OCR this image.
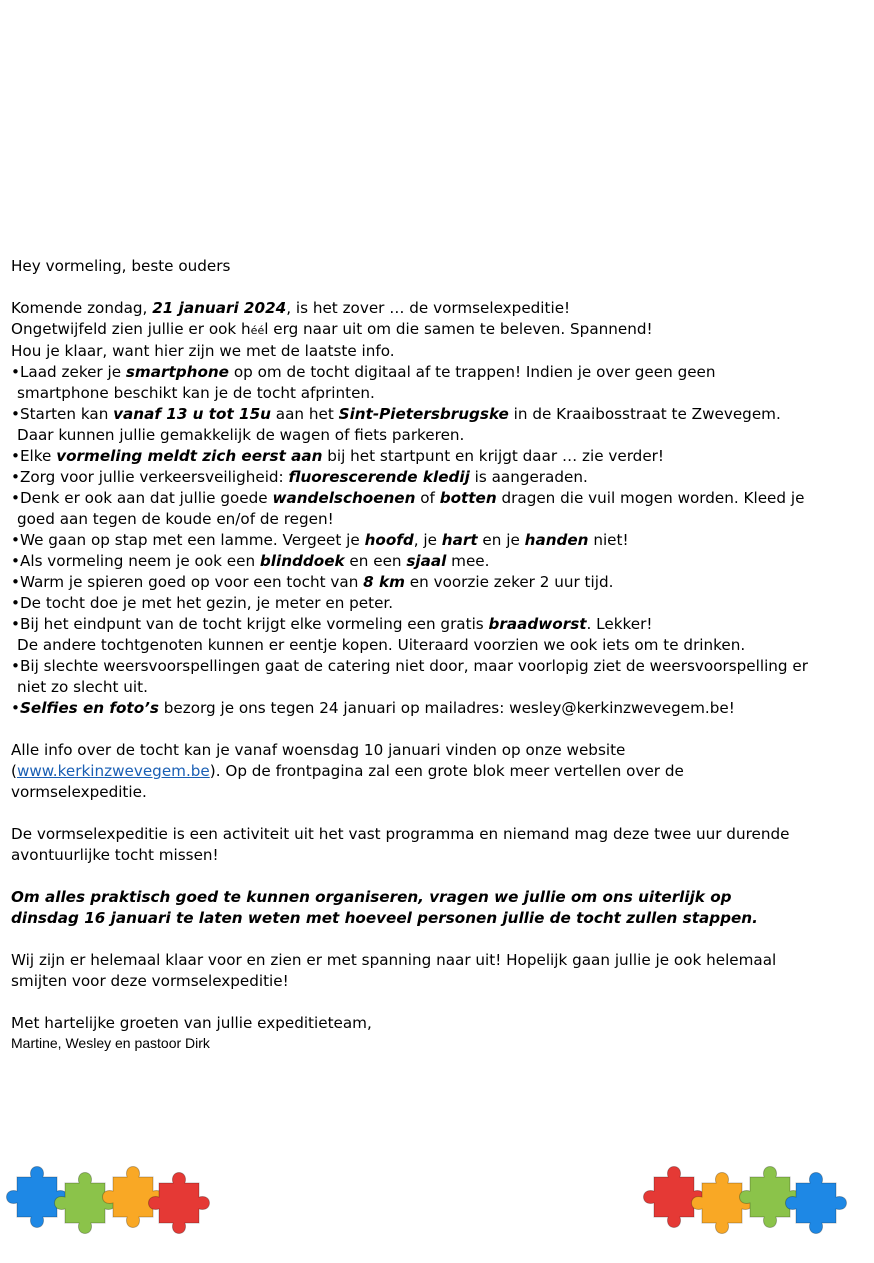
Hey vormeling, beste ouders
Komende zondag, 21 januari 2024, is het zover … de vormselexpeditie!
Ongetwijfeld zien jullie er ook héél erg naar uit om die samen te beleven. Spannend!
Hou je klaar, want hier zijn we met de laatste info.
•Laad zeker je smartphone op om de tocht digitaal af te trappen! Indien je over geen geen
smartphone beschikt kan je de tocht afprinten.
•Starten kan vanaf 13 u tot 15u aan het Sint-Pietersbrugske in de Kraaibosstraat te Zwevegem.
Daar kunnen jullie gemakkelijk de wagen of fiets parkeren.
•Elke vormeling meldt zich eerst aan bij het startpunt en krijgt daar … zie verder!
•Zorg voor jullie verkeersveiligheid: fluorescerende kledij is aangeraden.
•Denk er ook aan dat jullie goede wandelschoenen of botten dragen die vuil mogen worden. Kleed je
goed aan tegen de koude en/of de regen!
•We gaan op stap met een lamme. Vergeet je hoofd, je hart en je handen niet!
•Als vormeling neem je ook een blinddoek en een sjaal mee.
•Warm je spieren goed op voor een tocht van 8 km en voorzie zeker 2 uur tijd.
•De tocht doe je met het gezin, je meter en peter.
•Bij het eindpunt van de tocht krijgt elke vormeling een gratis braadworst. Lekker!
De andere tochtgenoten kunnen er eentje kopen. Uiteraard voorzien we ook iets om te drinken.
•Bij slechte weersvoorspellingen gaat de catering niet door, maar voorlopig ziet de weersvoorspelling er
niet zo slecht uit.
•Selfies en foto’s bezorg je ons tegen 24 januari op mailadres: wesley@kerkinzwevegem.be!
Alle info over de tocht kan je vanaf woensdag 10 januari vinden op onze website
(www.kerkinzwevegem.be). Op de frontpagina zal een grote blok meer vertellen over de
vormselexpeditie.
De vormselexpeditie is een activiteit uit het vast programma en niemand mag deze twee uur durende
avontuurlijke tocht missen!
Om alles praktisch goed te kunnen organiseren, vragen we jullie om ons uiterlijk op
dinsdag 16 januari te laten weten met hoeveel personen jullie de tocht zullen stappen.
Wij zijn er helemaal klaar voor en zien er met spanning naar uit! Hopelijk gaan jullie je ook helemaal
smijten voor deze vormselexpeditie!
Met hartelijke groeten van jullie expeditieteam,
Martine, Wesley en pastoor Dirk
